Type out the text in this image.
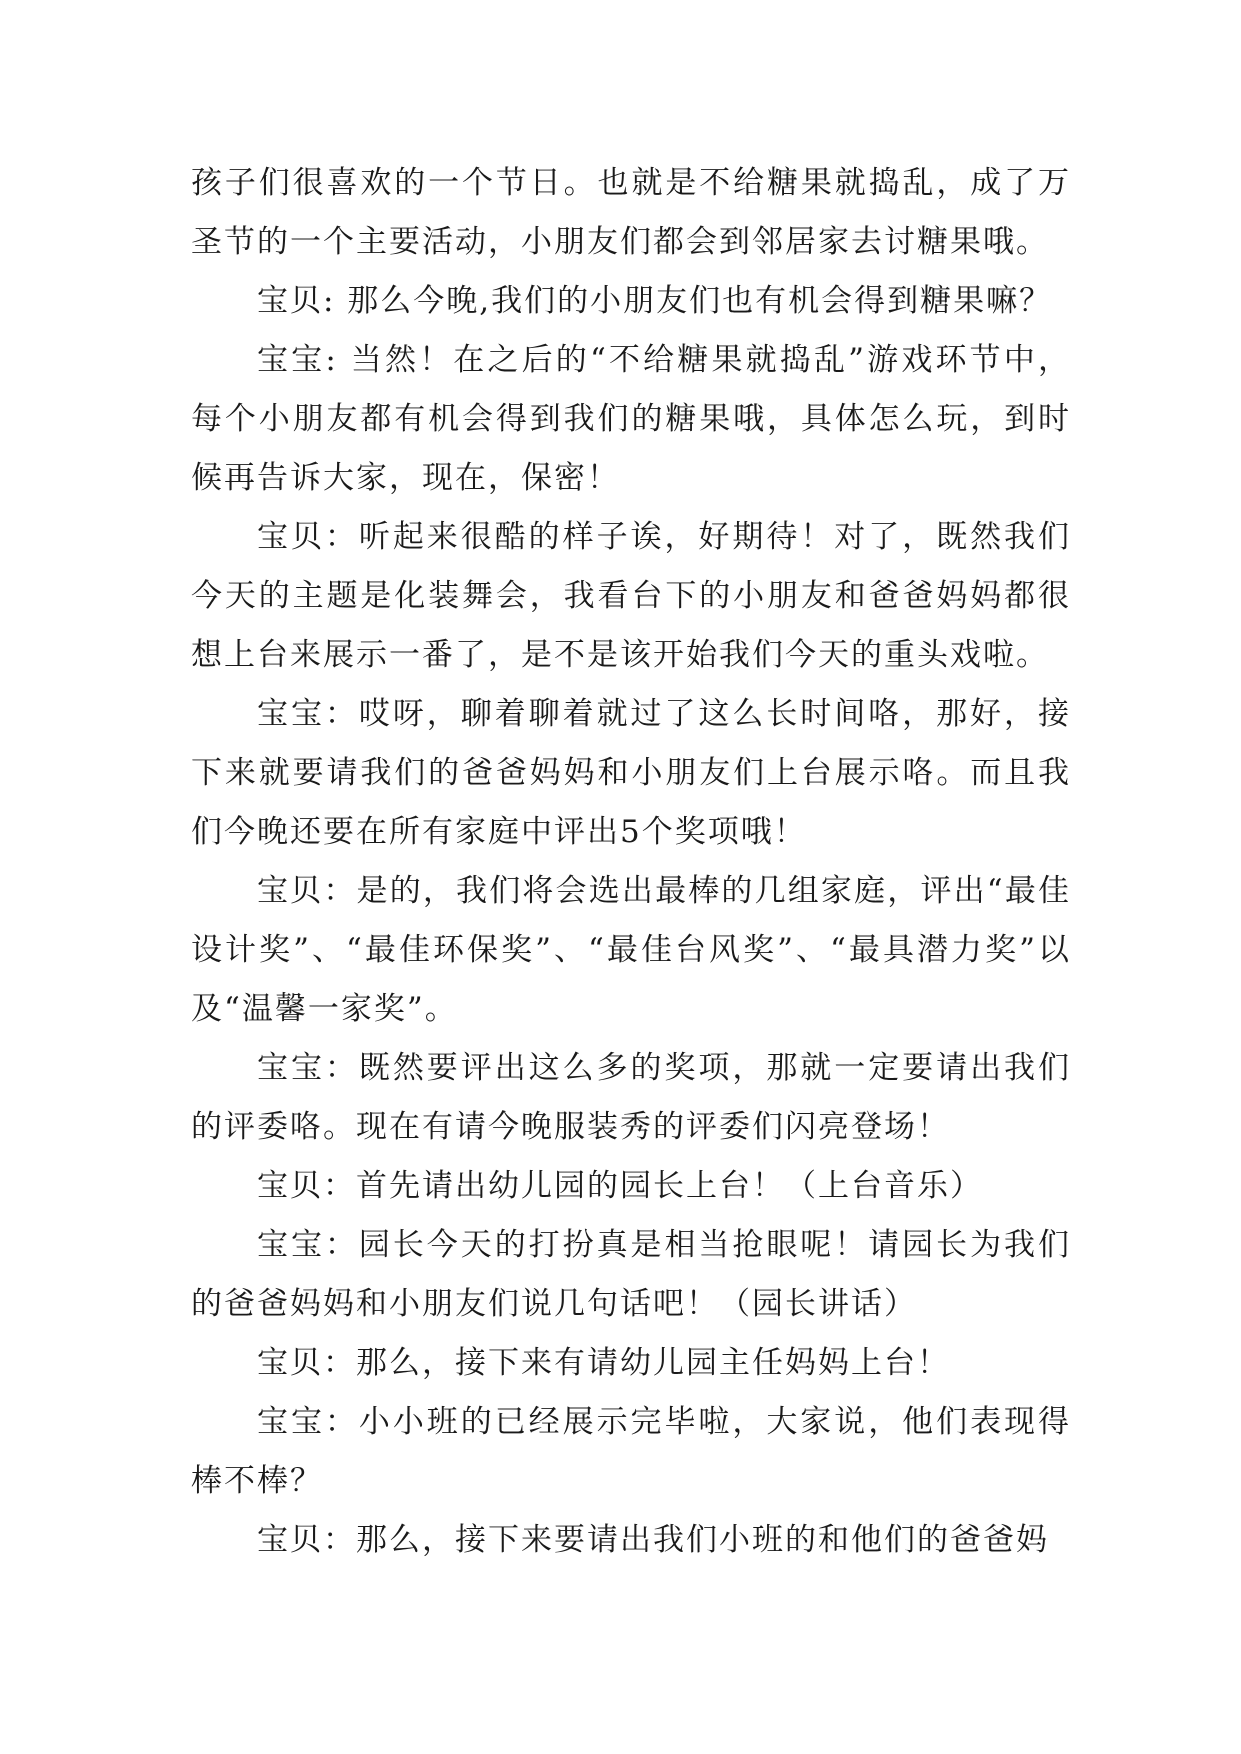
孩子们很喜欢的一个节日。也就是不给糖果就捣乱，成了万圣节的一个主要活动，小朋友们都会到邻居家去讨糖果哦。

宝贝: 那么今晚,我们的小朋友们也有机会得到糖果嘛？

宝宝: 当然！在之后的“不给糖果就捣乱”游戏环节中，每个小朋友都有机会得到我们的糖果哦，具体怎么玩，到时候再告诉大家，现在，保密！

宝贝：听起来很酷的样子诶，好期待！对了，既然我们今天的主题是化装舞会，我看台下的小朋友和爸爸妈妈都很想上台来展示一番了，是不是该开始我们今天的重头戏啦。

宝宝：哎呀，聊着聊着就过了这么长时间咯，那好，接下来就要请我们的爸爸妈妈和小朋友们上台展示咯。而且我们今晚还要在所有家庭中评出5个奖项哦！

宝贝：是的，我们将会选出最棒的几组家庭，评出“最佳设计奖”、“最佳环保奖”、“最佳台风奖”、“最具潜力奖”以及“温馨一家奖”。

宝宝：既然要评出这么多的奖项，那就一定要请出我们的评委咯。现在有请今晚服装秀的评委们闪亮登场！

宝贝：首先请出幼儿园的园长上台！（上台音乐）

宝宝：园长今天的打扮真是相当抢眼呢！请园长为我们的爸爸妈妈和小朋友们说几句话吧！（园长讲话）

宝贝：那么，接下来有请幼儿园主任妈妈上台！

宝宝：小小班的已经展示完毕啦，大家说，他们表现得棒不棒？

宝贝：那么，接下来要请出我们小班的和他们的爸爸妈
